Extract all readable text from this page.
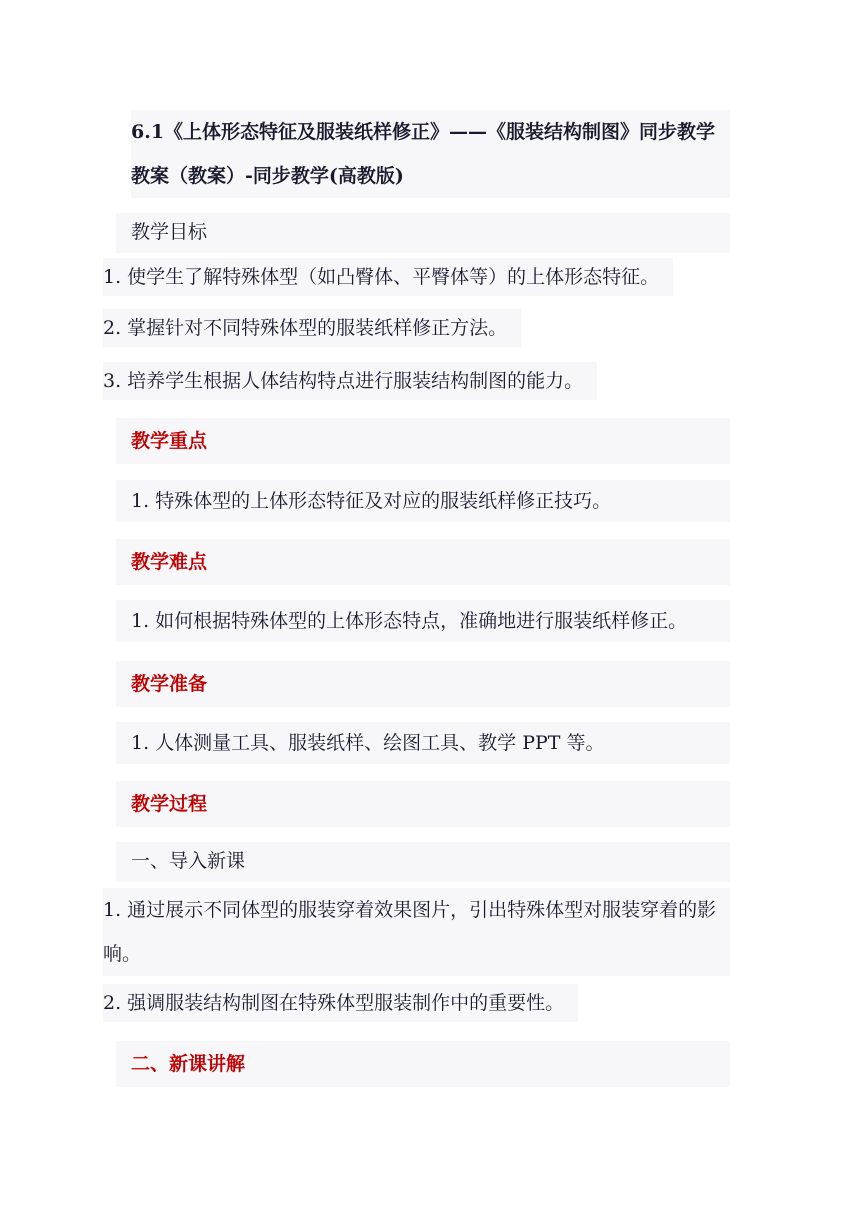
6.1《上体形态特征及服装纸样修正》——《服装结构制图》同步教学教案（教案）-同步教学(高教版)
教学目标
1. 使学生了解特殊体型（如凸臀体、平臀体等）的上体形态特征。
2. 掌握针对不同特殊体型的服装纸样修正方法。
3. 培养学生根据人体结构特点进行服装结构制图的能力。
教学重点
1. 特殊体型的上体形态特征及对应的服装纸样修正技巧。
教学难点
1. 如何根据特殊体型的上体形态特点，准确地进行服装纸样修正。
教学准备
1. 人体测量工具、服装纸样、绘图工具、教学 PPT 等。
教学过程
一、导入新课
1. 通过展示不同体型的服装穿着效果图片，引出特殊体型对服装穿着的影响。
2. 强调服装结构制图在特殊体型服装制作中的重要性。
二、新课讲解
